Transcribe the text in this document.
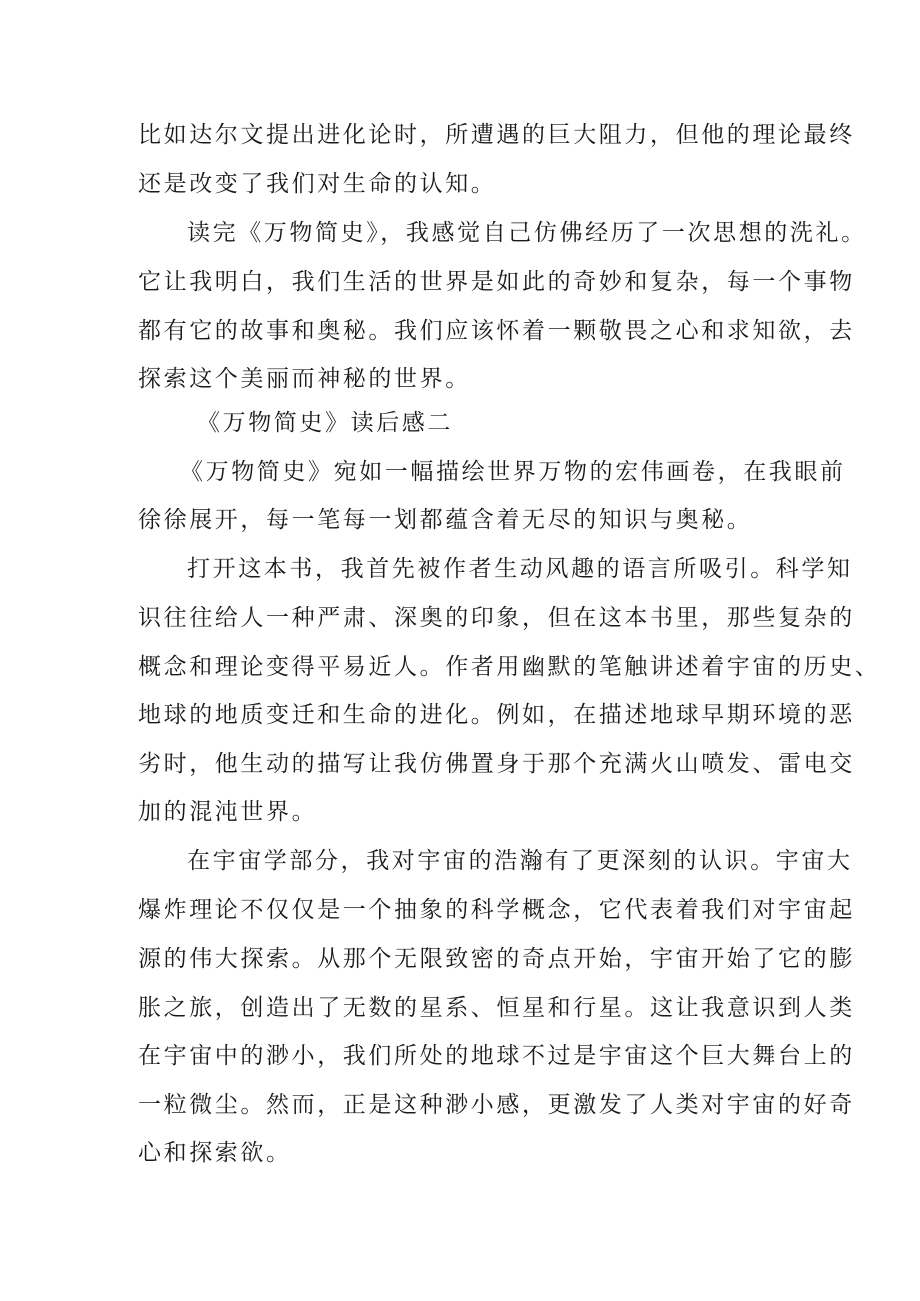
比如达尔文提出进化论时，所遭遇的巨大阻力，但他的理论最终

还是改变了我们对生命的认知。

读完《万物简史》，我感觉自己仿佛经历了一次思想的洗礼。

它让我明白，我们生活的世界是如此的奇妙和复杂，每一个事物

都有它的故事和奥秘。我们应该怀着一颗敬畏之心和求知欲，去

探索这个美丽而神秘的世界。

《万物简史》读后感二

《万物简史》宛如一幅描绘世界万物的宏伟画卷，在我眼前

徐徐展开，每一笔每一划都蕴含着无尽的知识与奥秘。

打开这本书，我首先被作者生动风趣的语言所吸引。科学知

识往往给人一种严肃、深奥的印象，但在这本书里，那些复杂的

概念和理论变得平易近人。作者用幽默的笔触讲述着宇宙的历史、

地球的地质变迁和生命的进化。例如，在描述地球早期环境的恶

劣时，他生动的描写让我仿佛置身于那个充满火山喷发、雷电交

加的混沌世界。

在宇宙学部分，我对宇宙的浩瀚有了更深刻的认识。宇宙大

爆炸理论不仅仅是一个抽象的科学概念，它代表着我们对宇宙起

源的伟大探索。从那个无限致密的奇点开始，宇宙开始了它的膨

胀之旅，创造出了无数的星系、恒星和行星。这让我意识到人类

在宇宙中的渺小，我们所处的地球不过是宇宙这个巨大舞台上的

一粒微尘。然而，正是这种渺小感，更激发了人类对宇宙的好奇

心和探索欲。
